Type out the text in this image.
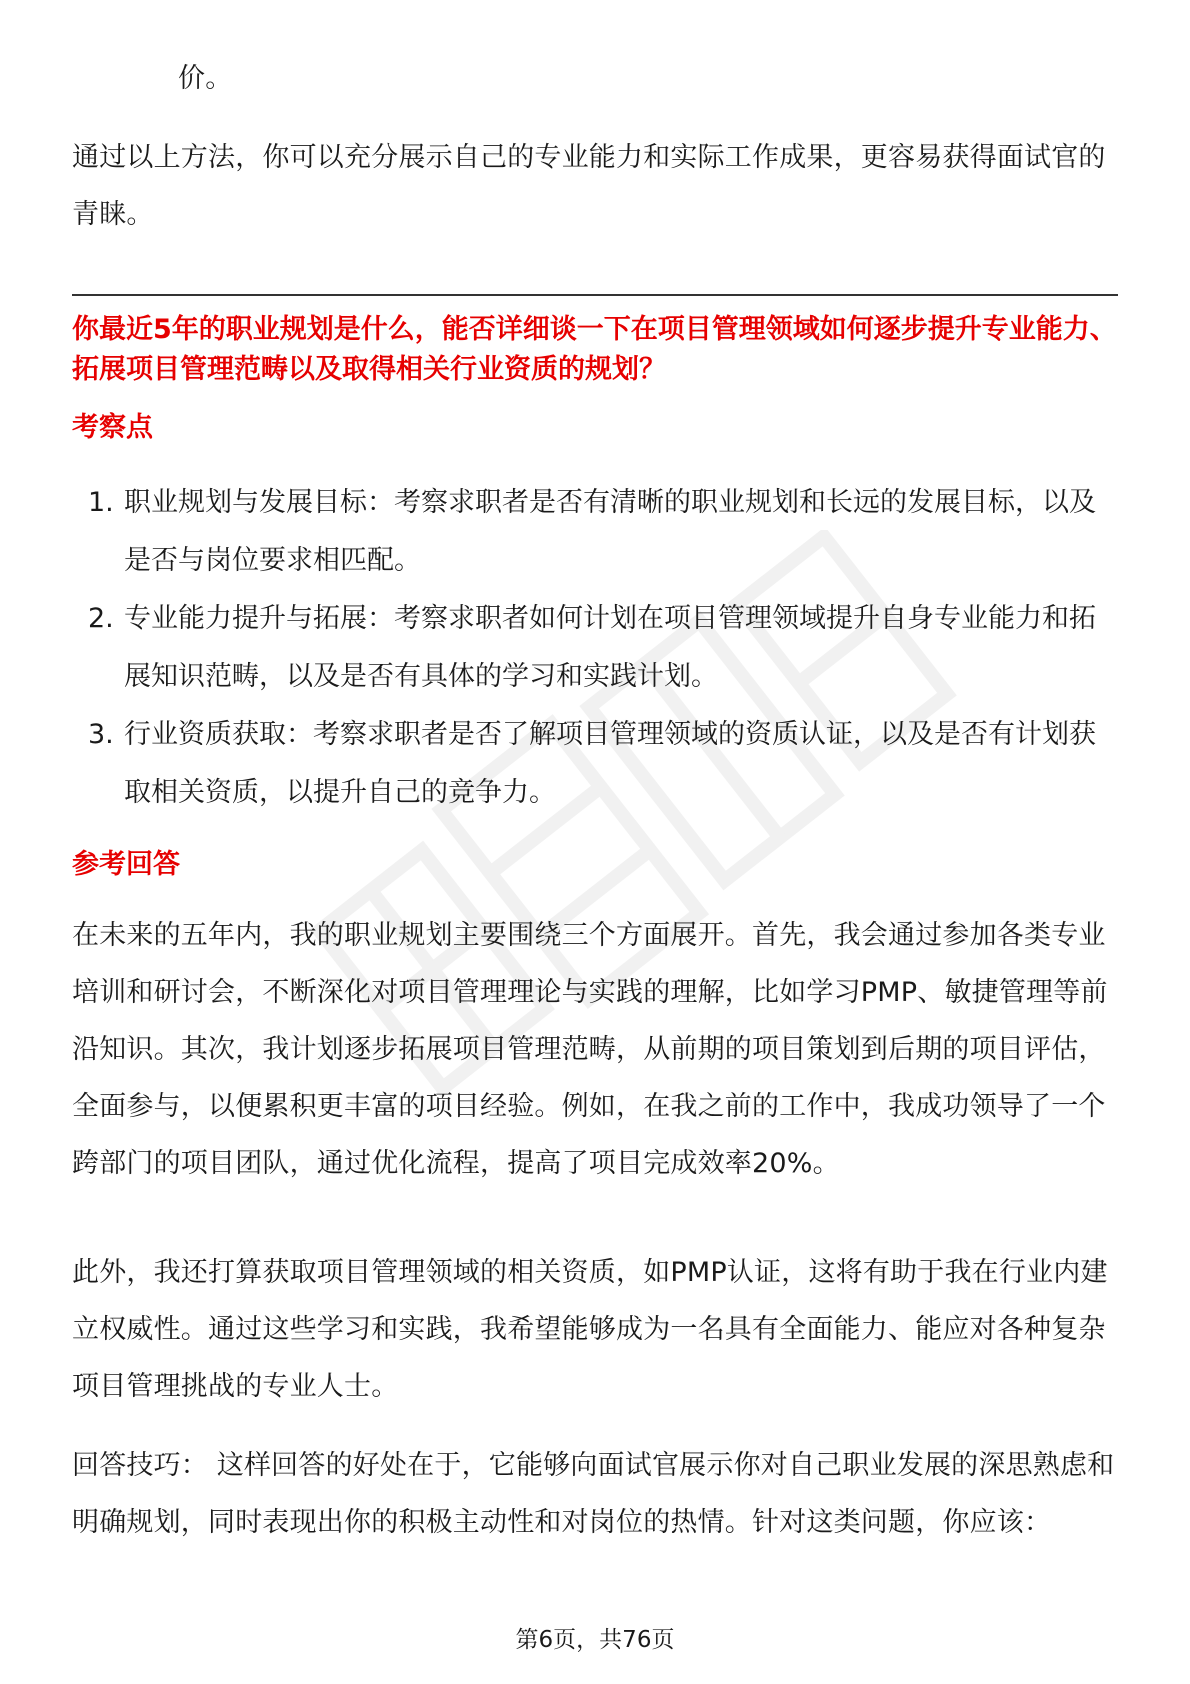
价。

通过以上方法，你可以充分展示自己的专业能力和实际工作成果，更容易获得面试官的青睐。

你最近5年的职业规划是什么，能否详细谈一下在项目管理领域如何逐步提升专业能力、拓展项目管理范畴以及取得相关行业资质的规划？
考察点
1. 职业规划与发展目标：考察求职者是否有清晰的职业规划和长远的发展目标，以及是否与岗位要求相匹配。
2. 专业能力提升与拓展：考察求职者如何计划在项目管理领域提升自身专业能力和拓展知识范畴，以及是否有具体的学习和实践计划。
3. 行业资质获取：考察求职者是否了解项目管理领域的资质认证，以及是否有计划获取相关资质，以提升自己的竞争力。
参考回答

在未来的五年内，我的职业规划主要围绕三个方面展开。首先，我会通过参加各类专业培训和研讨会，不断深化对项目管理理论与实践的理解，比如学习PMP、敏捷管理等前沿知识。其次，我计划逐步拓展项目管理范畴，从前期的项目策划到后期的项目评估，全面参与，以便累积更丰富的项目经验。例如，在我之前的工作中，我成功领导了一个跨部门的项目团队，通过优化流程，提高了项目完成效率20%。

此外，我还打算获取项目管理领域的相关资质，如PMP认证，这将有助于我在行业内建立权威性。通过这些学习和实践，我希望能够成为一名具有全面能力、能应对各种复杂项目管理挑战的专业人士。

回答技巧： 这样回答的好处在于，它能够向面试官展示你对自己职业发展的深思熟虑和明确规划，同时表现出你的积极主动性和对岗位的热情。针对这类问题，你应该：

第6页，共76页
